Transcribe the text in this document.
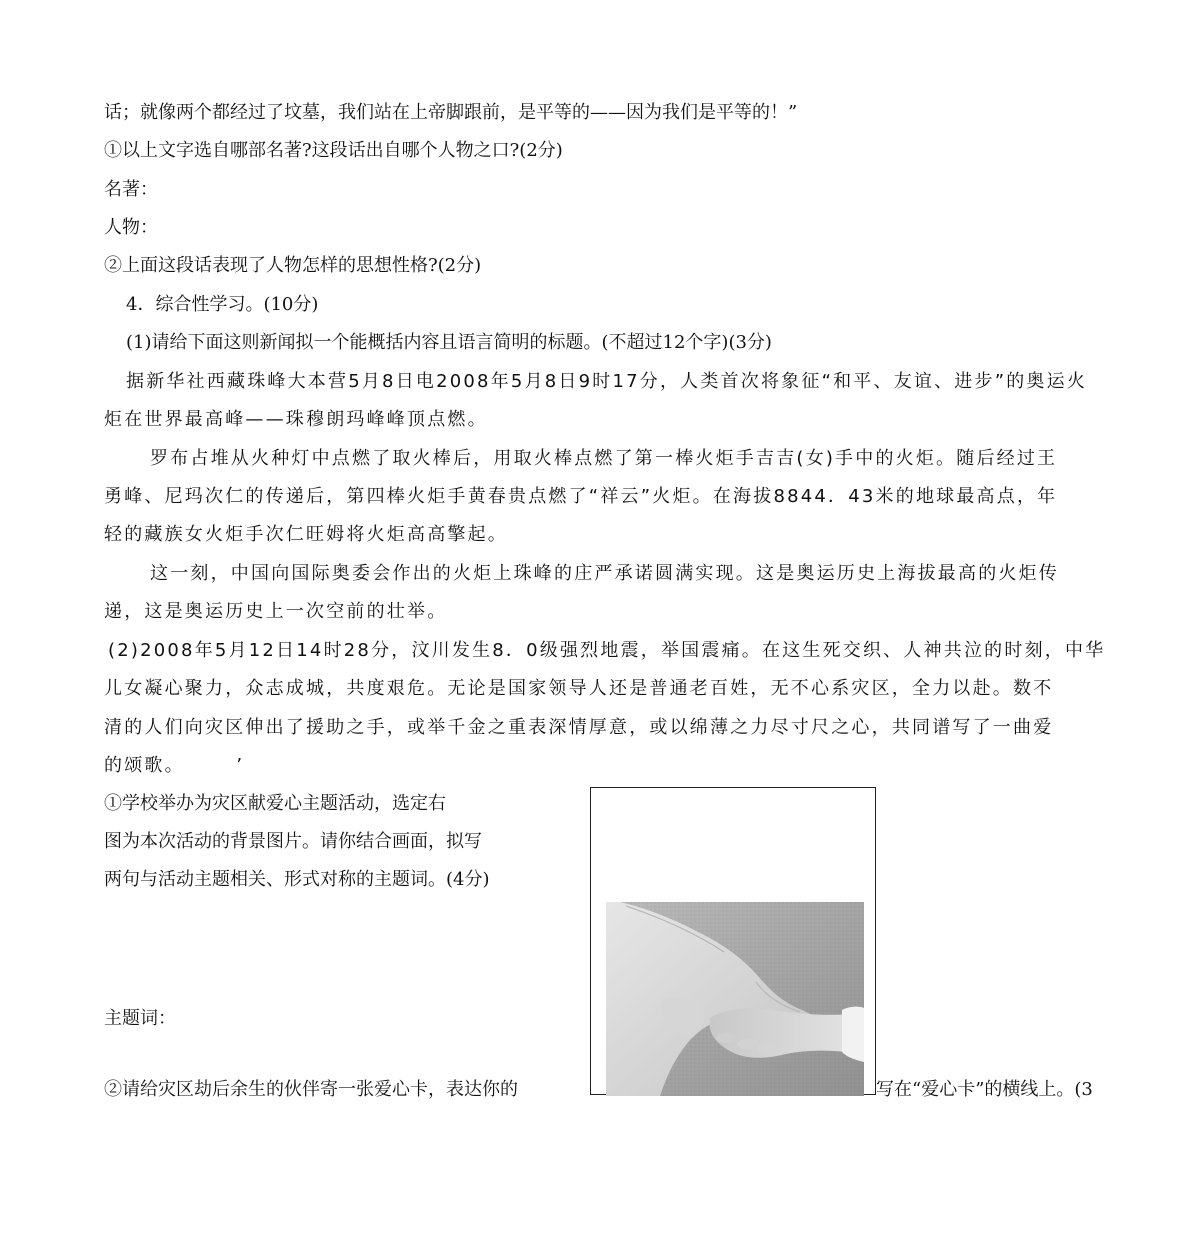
话；就像两个都经过了坟墓，我们站在上帝脚跟前，是平等的——因为我们是平等的！”
①以上文字选自哪部名著?这段话出自哪个人物之口?(2分)
名著：
人物：
②上面这段话表现了人物怎样的思想性格?(2分)
4．综合性学习。(10分)
(1)请给下面这则新闻拟一个能概括内容且语言简明的标题。(不超过12个字)(3分)
据新华社西藏珠峰大本营5月8日电2008年5月8日9时17分，人类首次将象征“和平、友谊、进步”的奥运火
炬在世界最高峰——珠穆朗玛峰峰顶点燃。
罗布占堆从火种灯中点燃了取火棒后，用取火棒点燃了第一棒火炬手吉吉(女)手中的火炬。随后经过王
勇峰、尼玛次仁的传递后，第四棒火炬手黄春贵点燃了“祥云”火炬。在海拔8844．43米的地球最高点，年
轻的藏族女火炬手次仁旺姆将火炬高高擎起。
这一刻，中国向国际奥委会作出的火炬上珠峰的庄严承诺圆满实现。这是奥运历史上海拔最高的火炬传
递，这是奥运历史上一次空前的壮举。
(2)2008年5月12日14时28分，汶川发生8．0级强烈地震，举国震痛。在这生死交织、人神共泣的时刻，中华
儿女凝心聚力，众志成城，共度艰危。无论是国家领导人还是普通老百姓，无不心系灾区，全力以赴。数不
清的人们向灾区伸出了援助之手，或举千金之重表深情厚意，或以绵薄之力尽寸尺之心，共同谱写了一曲爱
的颂歌。　　　’
①学校举办为灾区献爱心主题活动，选定右
图为本次活动的背景图片。请你结合画面，拟写
两句与活动主题相关、形式对称的主题词。(4分)
主题词：
②请给灾区劫后余生的伙伴寄一张爱心卡，表达你的	写在“爱心卡”的横线上。(3
